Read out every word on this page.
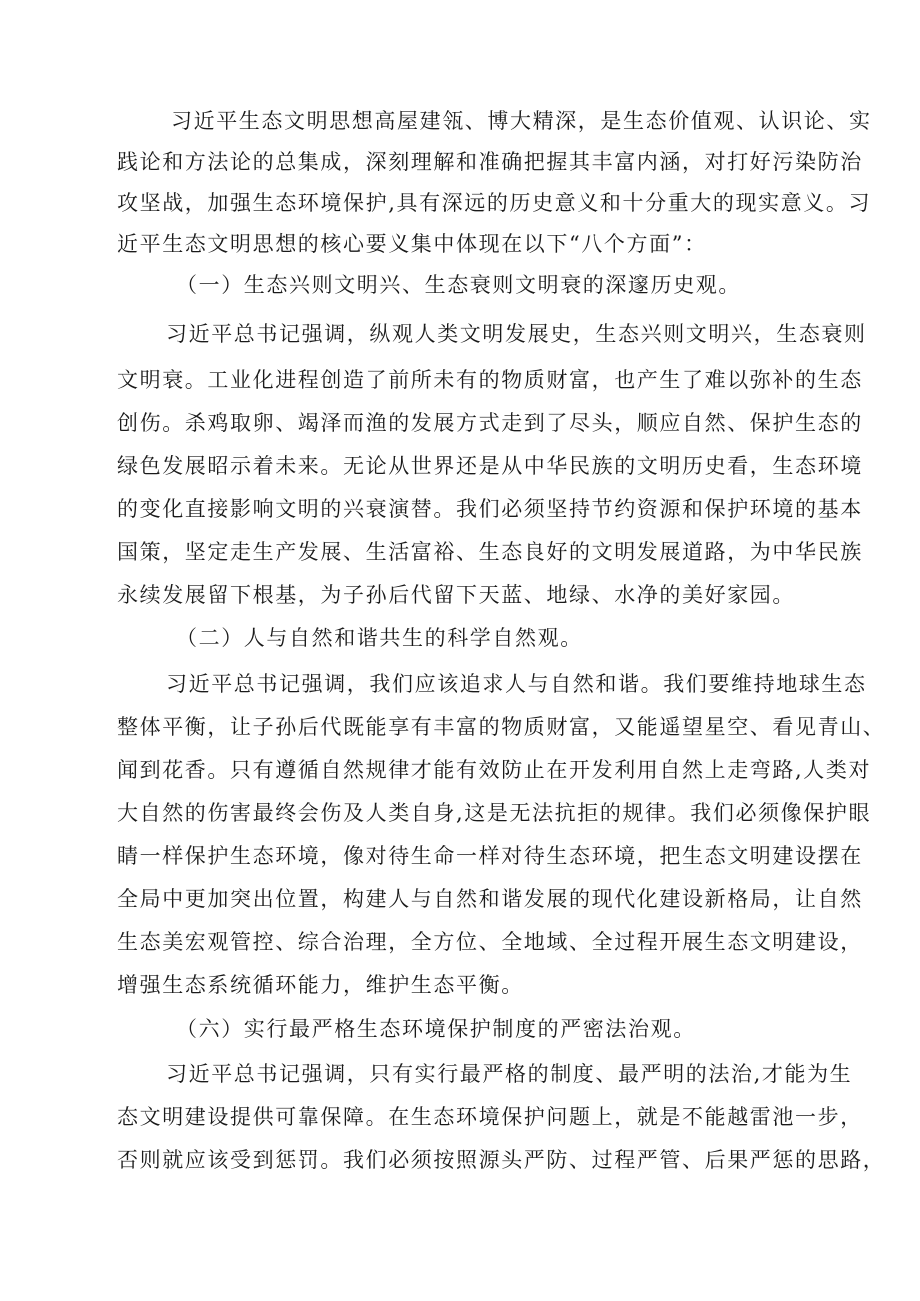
习近平生态文明思想高屋建瓴、博大精深，是生态价值观、认识论、实
践论和方法论的总集成，深刻理解和准确把握其丰富内涵，对打好污染防治
攻坚战，加强生态环境保护,具有深远的历史意义和十分重大的现实意义。习
近平生态文明思想的核心要义集中体现在以下“八个方面”：
（一）生态兴则文明兴、生态衰则文明衰的深邃历史观。
习近平总书记强调，纵观人类文明发展史，生态兴则文明兴，生态衰则
文明衰。工业化进程创造了前所未有的物质财富，也产生了难以弥补的生态
创伤。杀鸡取卵、竭泽而渔的发展方式走到了尽头，顺应自然、保护生态的
绿色发展昭示着未来。无论从世界还是从中华民族的文明历史看，生态环境
的变化直接影响文明的兴衰演替。我们必须坚持节约资源和保护环境的基本
国策，坚定走生产发展、生活富裕、生态良好的文明发展道路，为中华民族
永续发展留下根基，为子孙后代留下天蓝、地绿、水净的美好家园。
（二）人与自然和谐共生的科学自然观。
习近平总书记强调，我们应该追求人与自然和谐。我们要维持地球生态
整体平衡，让子孙后代既能享有丰富的物质财富，又能遥望星空、看见青山、
闻到花香。只有遵循自然规律才能有效防止在开发利用自然上走弯路,人类对
大自然的伤害最终会伤及人类自身,这是无法抗拒的规律。我们必须像保护眼
睛一样保护生态环境，像对待生命一样对待生态环境，把生态文明建设摆在
全局中更加突出位置，构建人与自然和谐发展的现代化建设新格局，让自然
生态美宏观管控、综合治理，全方位、全地域、全过程开展生态文明建设，
增强生态系统循环能力，维护生态平衡。
（六）实行最严格生态环境保护制度的严密法治观。
习近平总书记强调，只有实行最严格的制度、最严明的法治,才能为生
态文明建设提供可靠保障。在生态环境保护问题上，就是不能越雷池一步，
否则就应该受到惩罚。我们必须按照源头严防、过程严管、后果严惩的思路，
